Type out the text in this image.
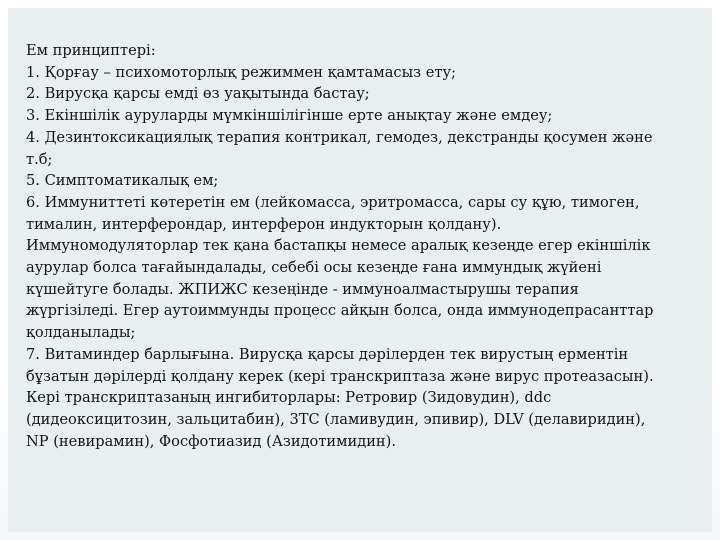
Ем принциптері:
1. Қорғау – психомоторлық режиммен қамтамасыз ету;
2. Вирусқа қарсы емді өз уақытында бастау;
3. Екіншілік ауруларды мүмкіншілігінше ерте анықтау және емдеу;
4. Дезинтоксикациялық терапия контрикал, гемодез, декстранды қосумен және
т.б;
5. Симптоматикалық ем;
6. Иммуниттеті көтеретін ем (лейкомасса, эритромасса, сары су құю, тимоген,
тималин, интерферондар, интерферон индукторын қолдану).
Иммуномодуляторлар тек қана бастапқы немесе аралық кезеңде егер екіншілік
аурулар болса тағайындалады, себебі осы кезеңде ғана иммундық жүйені
күшейтуге болады. ЖПИЖС кезеңінде - иммуноалмастырушы терапия
жүргізіледі. Егер аутоиммунды процесс айқын болса, онда иммунодепрасанттар
қолданылады;
7. Витаминдер барлығына. Вирусқа қарсы дәрілерден тек вирустың ерментін
бұзатын дәрілерді қолдану керек (кері транскриптаза және вирус протеазасын).
Кері транскриптазаның ингибиторлары: Ретровир (Зидовудин), ddc
(дидеоксицитозин, зальцитабин), 3ТС (ламивудин, эпивир), DLV (делавиридин),
NP (невирамин), Фосфотиазид (Азидотимидин).
